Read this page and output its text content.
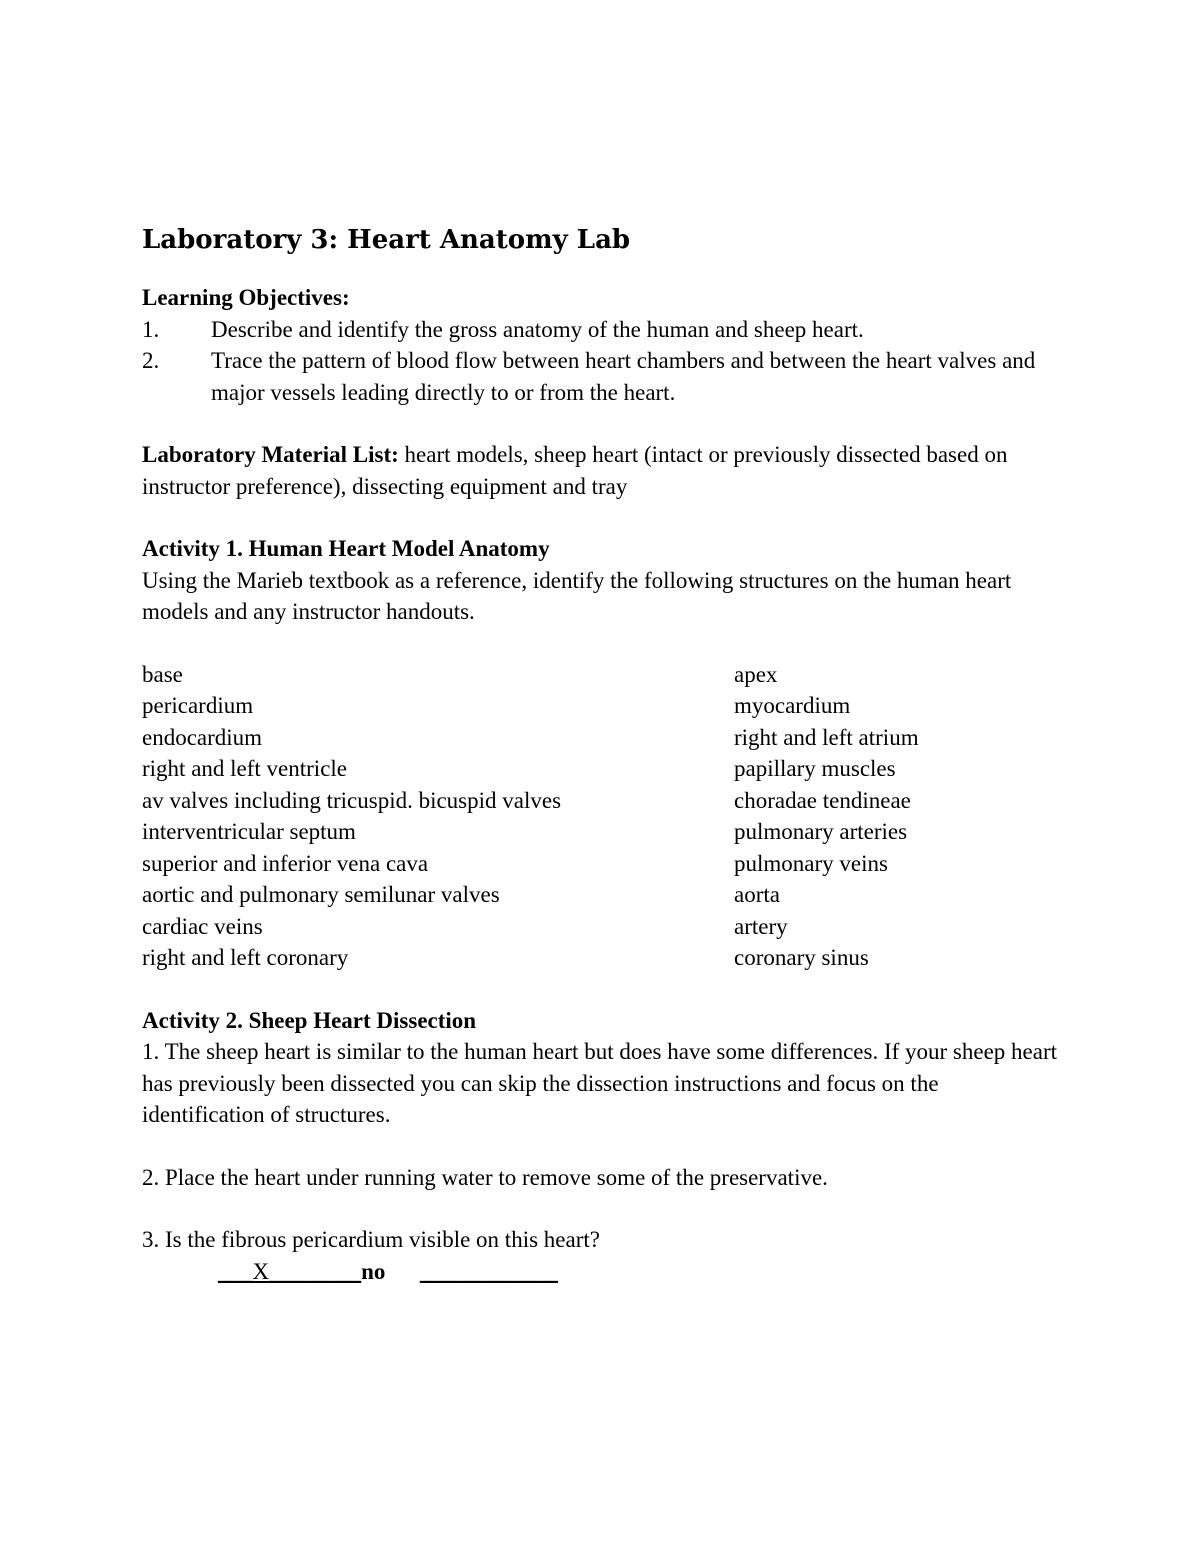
Laboratory 3: Heart Anatomy Lab
Learning Objectives:
1.	Describe and identify the gross anatomy of the human and sheep heart.
2.	Trace the pattern of blood flow between heart chambers and between the heart valves and major vessels leading directly to or from the heart.
Laboratory Material List: heart models, sheep heart (intact or previously dissected based on instructor preference), dissecting equipment and tray
Activity 1. Human Heart Model Anatomy
Using the Marieb textbook as a reference, identify the following structures on the human heart models and any instructor handouts.
base	apex
pericardium	myocardium
endocardium	right and left atrium
right and left ventricle	papillary muscles
av valves including tricuspid. bicuspid valves	choradae tendineae
interventricular septum	pulmonary arteries
superior and inferior vena cava	pulmonary veins
aortic and pulmonary semilunar valves	aorta
cardiac veins	artery
right and left coronary	coronary sinus
Activity 2. Sheep Heart Dissection
1. The sheep heart is similar to the human heart but does have some differences. If your sheep heart has previously been dissected you can skip the dissection instructions and focus on the identification of structures.
2. Place the heart under running water to remove some of the preservative.
3. Is the fibrous pericardium visible on this heart?
___X________no ____________
